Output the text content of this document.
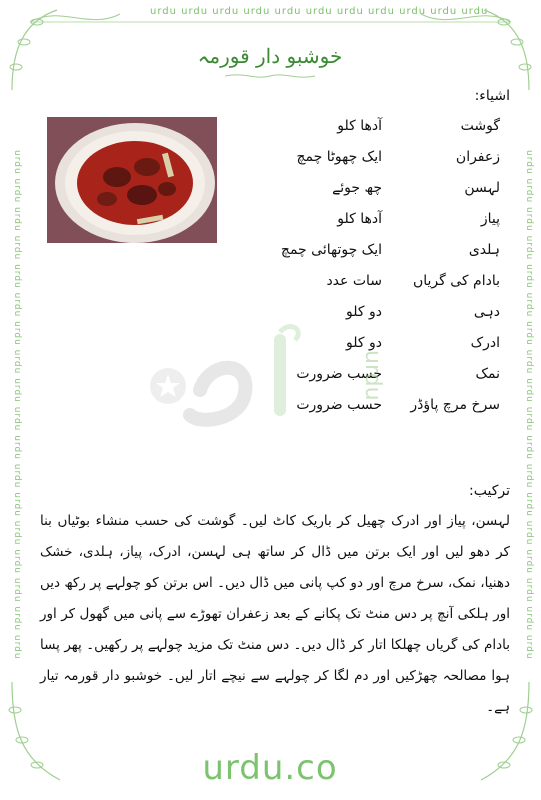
urdu urdu urdu urdu urdu urdu urdu urdu urdu urdu urdu
urdu urdu urdu urdu urdu urdu urdu urdu urdu urdu urdu urdu urdu urdu urdu urdu urdu urdu	urdu urdu urdu urdu urdu urdu urdu urdu urdu urdu urdu urdu urdu urdu urdu urdu urdu urdu
خوشبو دار قورمہ
اشیاء:
گوشت
آدھا کلو
زعفران
ایک چھوٹا چمچ
لہسن
چھ جوئے
پیاز
آدھا کلو
ہلدی
ایک چوتھائی چمچ
بادام کی گریاں
سات عدد
دہی
دو کلو
ادرک
دو کلو
نمک
حسب ضرورت
سرخ مرچ پاؤڈر
حسب ضرورت
urdu
ترکیب:
لہسن، پیاز اور ادرک چھیل کر باریک کاٹ لیں۔ گوشت کی حسب منشاء بوٹیاں بنا کر دھو لیں اور ایک برتن میں ڈال کر ساتھ ہی لہسن، ادرک، پیاز، ہلدی، خشک دھنیا، نمک، سرخ مرچ اور دو کپ پانی میں ڈال دیں۔ اس برتن کو چولہے پر رکھ دیں اور ہلکی آنچ پر دس منٹ تک پکانے کے بعد زعفران تھوڑے سے پانی میں گھول کر اور بادام کی گریاں چھلکا اتار کر ڈال دیں۔ دس منٹ تک مزید چولہے پر رکھیں۔ پھر پسا ہوا مصالحہ چھڑکیں اور دم لگا کر چولہے سے نیچے اتار لیں۔ خوشبو دار قورمہ تیار ہے۔
urdu.co
